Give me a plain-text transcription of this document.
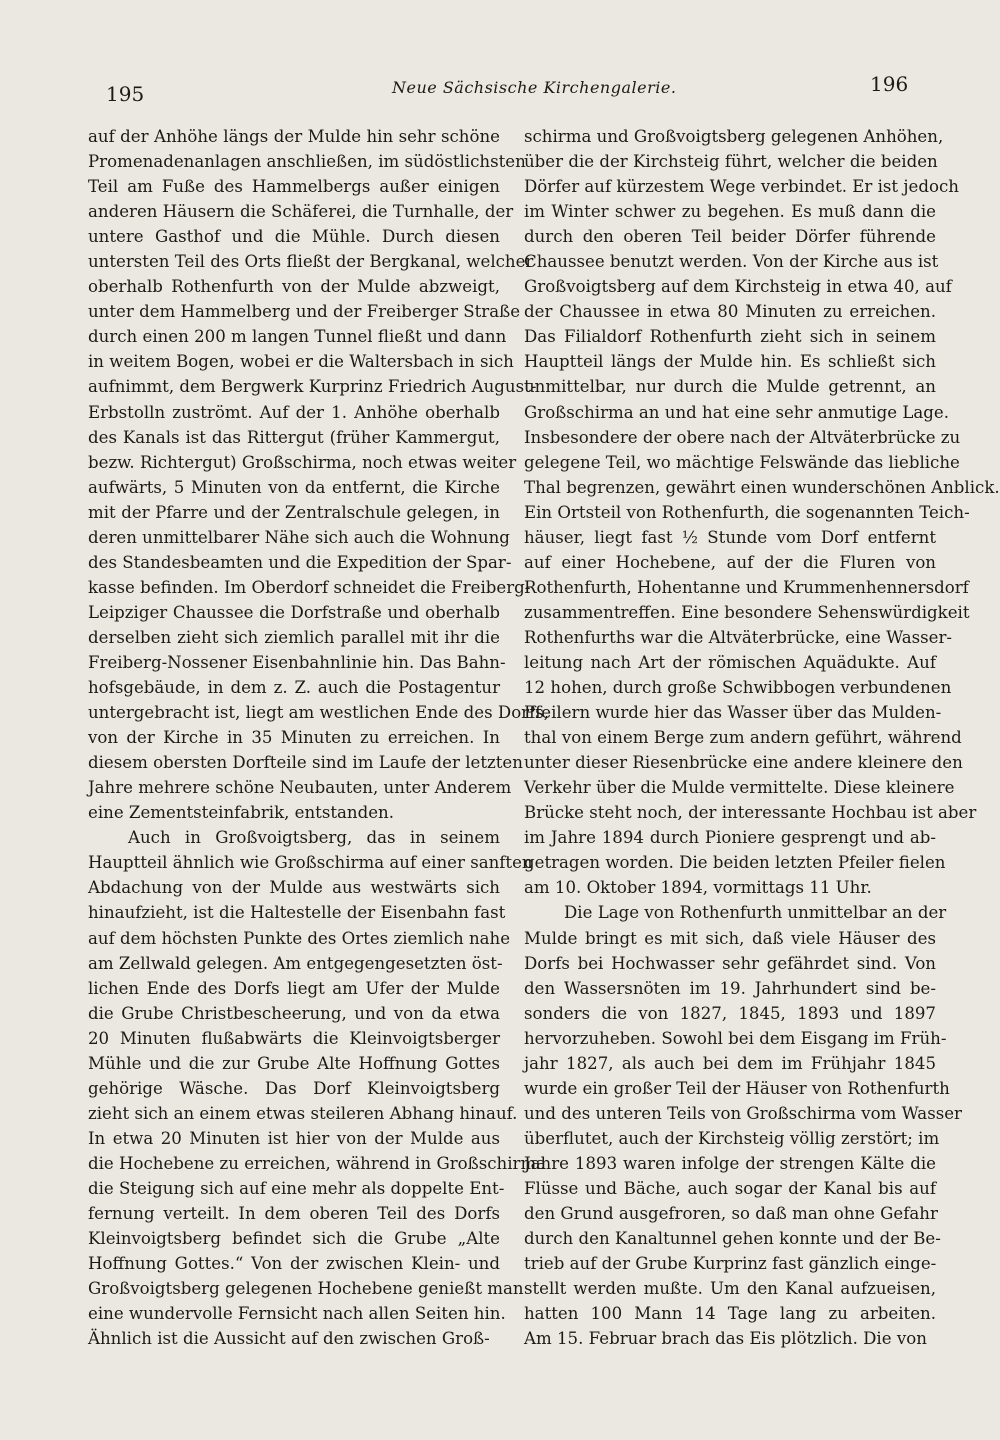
195	Neue Sächsische Kirchengalerie.	196
auf der Anhöhe längs der Mulde hin sehr schöne
Promenadenanlagen anschließen, im südöstlichsten
Teil am Fuße des Hammelbergs außer einigen
anderen Häusern die Schäferei, die Turnhalle, der
untere Gasthof und die Mühle. Durch diesen
untersten Teil des Orts fließt der Bergkanal, welcher
oberhalb Rothenfurth von der Mulde abzweigt,
unter dem Hammelberg und der Freiberger Straße
durch einen 200 m langen Tunnel fließt und dann
in weitem Bogen, wobei er die Waltersbach in sich
aufnimmt, dem Bergwerk Kurprinz Friedrich August-
Erbstolln zuströmt. Auf der 1. Anhöhe oberhalb
des Kanals ist das Rittergut (früher Kammergut,
bezw. Richtergut) Großschirma, noch etwas weiter
aufwärts, 5 Minuten von da entfernt, die Kirche
mit der Pfarre und der Zentralschule gelegen, in
deren unmittelbarer Nähe sich auch die Wohnung
des Standesbeamten und die Expedition der Spar-
kasse befinden. Im Oberdorf schneidet die Freiberg-
Leipziger Chaussee die Dorfstraße und oberhalb
derselben zieht sich ziemlich parallel mit ihr die
Freiberg-Nossener Eisenbahnlinie hin. Das Bahn-
hofsgebäude, in dem z. Z. auch die Postagentur
untergebracht ist, liegt am westlichen Ende des Dorfs,
von der Kirche in 35 Minuten zu erreichen. In
diesem obersten Dorfteile sind im Laufe der letzten
Jahre mehrere schöne Neubauten, unter Anderem
eine Zementsteinfabrik, entstanden.
Auch in Großvoigtsberg, das in seinem
Hauptteil ähnlich wie Großschirma auf einer sanften
Abdachung von der Mulde aus westwärts sich
hinaufzieht, ist die Haltestelle der Eisenbahn fast
auf dem höchsten Punkte des Ortes ziemlich nahe
am Zellwald gelegen. Am entgegengesetzten öst-
lichen Ende des Dorfs liegt am Ufer der Mulde
die Grube Christbescheerung, und von da etwa
20 Minuten flußabwärts die Kleinvoigtsberger
Mühle und die zur Grube Alte Hoffnung Gottes
gehörige Wäsche. Das Dorf Kleinvoigtsberg
zieht sich an einem etwas steileren Abhang hinauf.
In etwa 20 Minuten ist hier von der Mulde aus
die Hochebene zu erreichen, während in Großschirma
die Steigung sich auf eine mehr als doppelte Ent-
fernung verteilt. In dem oberen Teil des Dorfs
Kleinvoigtsberg befindet sich die Grube „Alte
Hoffnung Gottes.“ Von der zwischen Klein- und
Großvoigtsberg gelegenen Hochebene genießt man
eine wundervolle Fernsicht nach allen Seiten hin.
Ähnlich ist die Aussicht auf den zwischen Groß-
schirma und Großvoigtsberg gelegenen Anhöhen,
über die der Kirchsteig führt, welcher die beiden
Dörfer auf kürzestem Wege verbindet. Er ist jedoch
im Winter schwer zu begehen. Es muß dann die
durch den oberen Teil beider Dörfer führende
Chaussee benutzt werden. Von der Kirche aus ist
Großvoigtsberg auf dem Kirchsteig in etwa 40, auf
der Chaussee in etwa 80 Minuten zu erreichen.
Das Filialdorf Rothenfurth zieht sich in seinem
Hauptteil längs der Mulde hin. Es schließt sich
unmittelbar, nur durch die Mulde getrennt, an
Großschirma an und hat eine sehr anmutige Lage.
Insbesondere der obere nach der Altväterbrücke zu
gelegene Teil, wo mächtige Felswände das liebliche
Thal begrenzen, gewährt einen wunderschönen Anblick.
Ein Ortsteil von Rothenfurth, die sogenannten Teich-
häuser, liegt fast ½ Stunde vom Dorf entfernt
auf einer Hochebene, auf der die Fluren von
Rothenfurth, Hohentanne und Krummenhennersdorf
zusammentreffen. Eine besondere Sehenswürdigkeit
Rothenfurths war die Altväterbrücke, eine Wasser-
leitung nach Art der römischen Aquädukte. Auf
12 hohen, durch große Schwibbogen verbundenen
Pfeilern wurde hier das Wasser über das Mulden-
thal von einem Berge zum andern geführt, während
unter dieser Riesenbrücke eine andere kleinere den
Verkehr über die Mulde vermittelte. Diese kleinere
Brücke steht noch, der interessante Hochbau ist aber
im Jahre 1894 durch Pioniere gesprengt und ab-
getragen worden. Die beiden letzten Pfeiler fielen
am 10. Oktober 1894, vormittags 11 Uhr.
Die Lage von Rothenfurth unmittelbar an der
Mulde bringt es mit sich, daß viele Häuser des
Dorfs bei Hochwasser sehr gefährdet sind. Von
den Wassersnöten im 19. Jahrhundert sind be-
sonders die von 1827, 1845, 1893 und 1897
hervorzuheben. Sowohl bei dem Eisgang im Früh-
jahr 1827, als auch bei dem im Frühjahr 1845
wurde ein großer Teil der Häuser von Rothenfurth
und des unteren Teils von Großschirma vom Wasser
überflutet, auch der Kirchsteig völlig zerstört; im
Jahre 1893 waren infolge der strengen Kälte die
Flüsse und Bäche, auch sogar der Kanal bis auf
den Grund ausgefroren, so daß man ohne Gefahr
durch den Kanaltunnel gehen konnte und der Be-
trieb auf der Grube Kurprinz fast gänzlich einge-
stellt werden mußte. Um den Kanal aufzueisen,
hatten 100 Mann 14 Tage lang zu arbeiten.
Am 15. Februar brach das Eis plötzlich. Die von
